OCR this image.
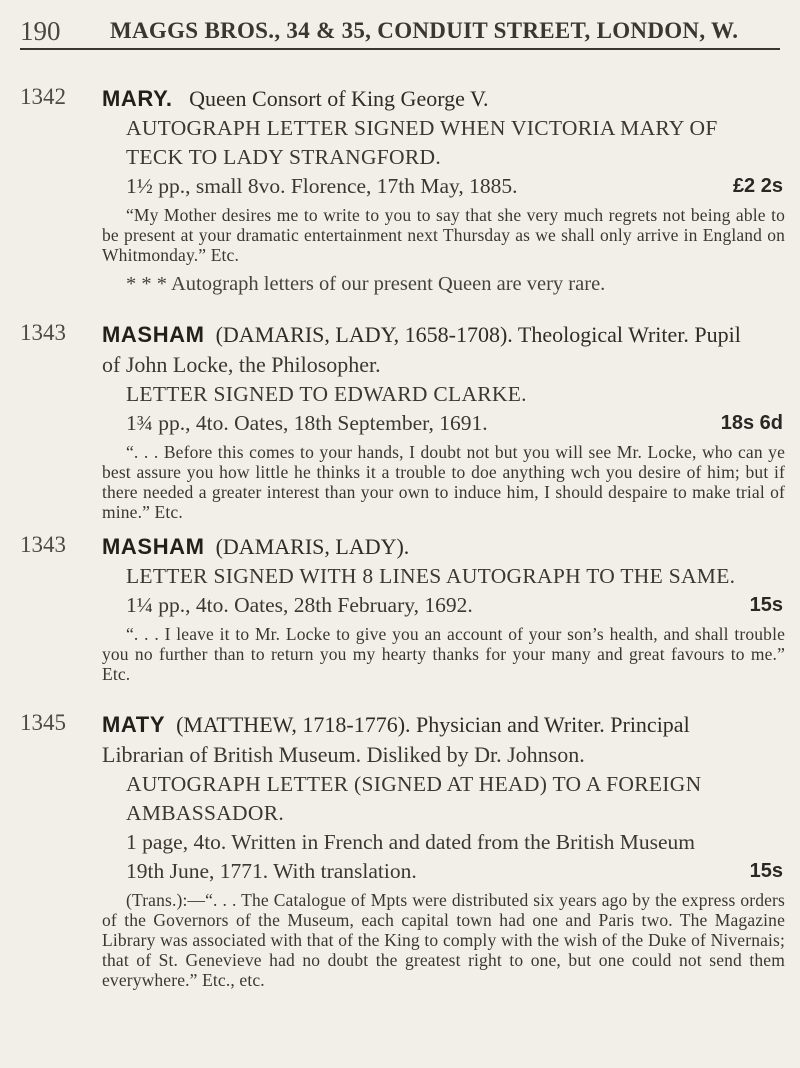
190 MAGGS BROS., 34 & 35, CONDUIT STREET, LONDON, W.
1342 MARY. Queen Consort of King George V.
AUTOGRAPH LETTER SIGNED WHEN VICTORIA MARY OF
TECK TO LADY STRANGFORD.
1½ pp., small 8vo. Florence, 17th May, 1885.	£2 2s
“My Mother desires me to write to you to say that she very much regrets not being able to be present at your dramatic entertainment next Thursday as we shall only arrive in England on Whitmonday.” Etc.
* * * Autograph letters of our present Queen are very rare.
1343 MASHAM (DAMARIS, LADY, 1658-1708). Theological Writer. Pupil
of John Locke, the Philosopher.
LETTER SIGNED TO EDWARD CLARKE.
1¾ pp., 4to. Oates, 18th September, 1691.	18s 6d
“. . . Before this comes to your hands, I doubt not but you will see Mr. Locke, who can ye best assure you how little he thinks it a trouble to doe anything wch you desire of him; but if there needed a greater interest than your own to induce him, I should despaire to make trial of mine.” Etc.
1343 MASHAM (DAMARIS, LADY).
LETTER SIGNED WITH 8 LINES AUTOGRAPH TO THE SAME.
1¼ pp., 4to. Oates, 28th February, 1692.	15s
“. . . I leave it to Mr. Locke to give you an account of your son’s health, and shall trouble you no further than to return you my hearty thanks for your many and great favours to me.” Etc.
1345 MATY (MATTHEW, 1718-1776). Physician and Writer. Principal
Librarian of British Museum. Disliked by Dr. Johnson.
AUTOGRAPH LETTER (SIGNED AT HEAD) TO A FOREIGN
AMBASSADOR.
1 page, 4to. Written in French and dated from the British Museum 19th June, 1771. With translation.	15s
(Trans.):—“. . . The Catalogue of Mpts were distributed six years ago by the express orders of the Governors of the Museum, each capital town had one and Paris two. The Magazine Library was associated with that of the King to comply with the wish of the Duke of Nivernais; that of St. Genevieve had no doubt the greatest right to one, but one could not send them everywhere.” Etc., etc.
